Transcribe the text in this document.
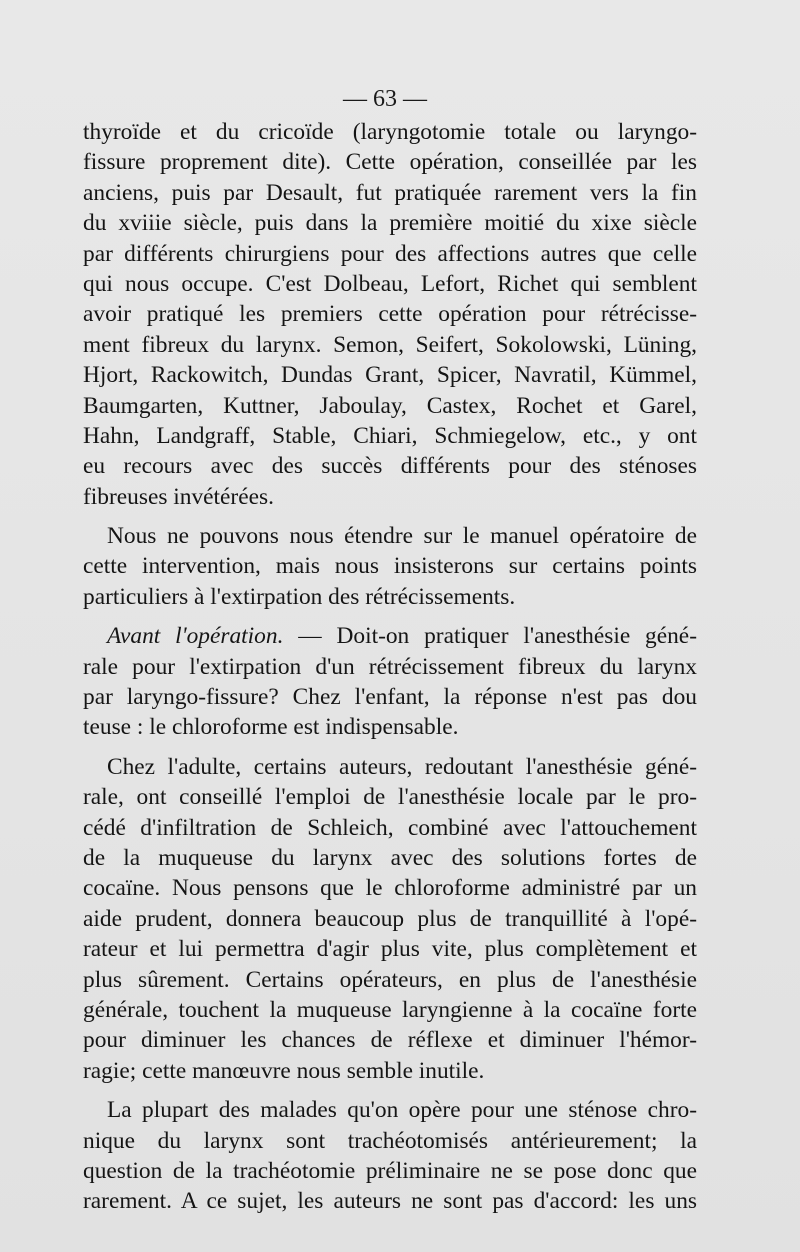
— 63 —
thyroïde et du cricoïde (laryngotomie totale ou laryngo-
fissure proprement dite). Cette opération, conseillée par les
anciens, puis par Desault, fut pratiquée rarement vers la fin
du xviiie siècle, puis dans la première moitié du xixe siècle
par différents chirurgiens pour des affections autres que celle
qui nous occupe. C'est Dolbeau, Lefort, Richet qui semblent
avoir pratiqué les premiers cette opération pour rétrécisse-
ment fibreux du larynx. Semon, Seifert, Sokolowski, Lüning,
Hjort, Rackowitch, Dundas Grant, Spicer, Navratil, Kümmel,
Baumgarten, Kuttner, Jaboulay, Castex, Rochet et Garel,
Hahn, Landgraff, Stable, Chiari, Schmiegelow, etc., y ont
eu recours avec des succès différents pour des sténoses
fibreuses invétérées.
Nous ne pouvons nous étendre sur le manuel opératoire de
cette intervention, mais nous insisterons sur certains points
particuliers à l'extirpation des rétrécissements.
Avant l'opération. — Doit-on pratiquer l'anesthésie géné-
rale pour l'extirpation d'un rétrécissement fibreux du larynx
par laryngo-fissure? Chez l'enfant, la réponse n'est pas dou
teuse : le chloroforme est indispensable.
Chez l'adulte, certains auteurs, redoutant l'anesthésie géné-
rale, ont conseillé l'emploi de l'anesthésie locale par le pro-
cédé d'infiltration de Schleich, combiné avec l'attouchement
de la muqueuse du larynx avec des solutions fortes de
cocaïne. Nous pensons que le chloroforme administré par un
aide prudent, donnera beaucoup plus de tranquillité à l'opé-
rateur et lui permettra d'agir plus vite, plus complètement et
plus sûrement. Certains opérateurs, en plus de l'anesthésie
générale, touchent la muqueuse laryngienne à la cocaïne forte
pour diminuer les chances de réflexe et diminuer l'hémor-
ragie; cette manœuvre nous semble inutile.
La plupart des malades qu'on opère pour une sténose chro-
nique du larynx sont trachéotomisés antérieurement; la
question de la trachéotomie préliminaire ne se pose donc que
rarement. A ce sujet, les auteurs ne sont pas d'accord: les uns
